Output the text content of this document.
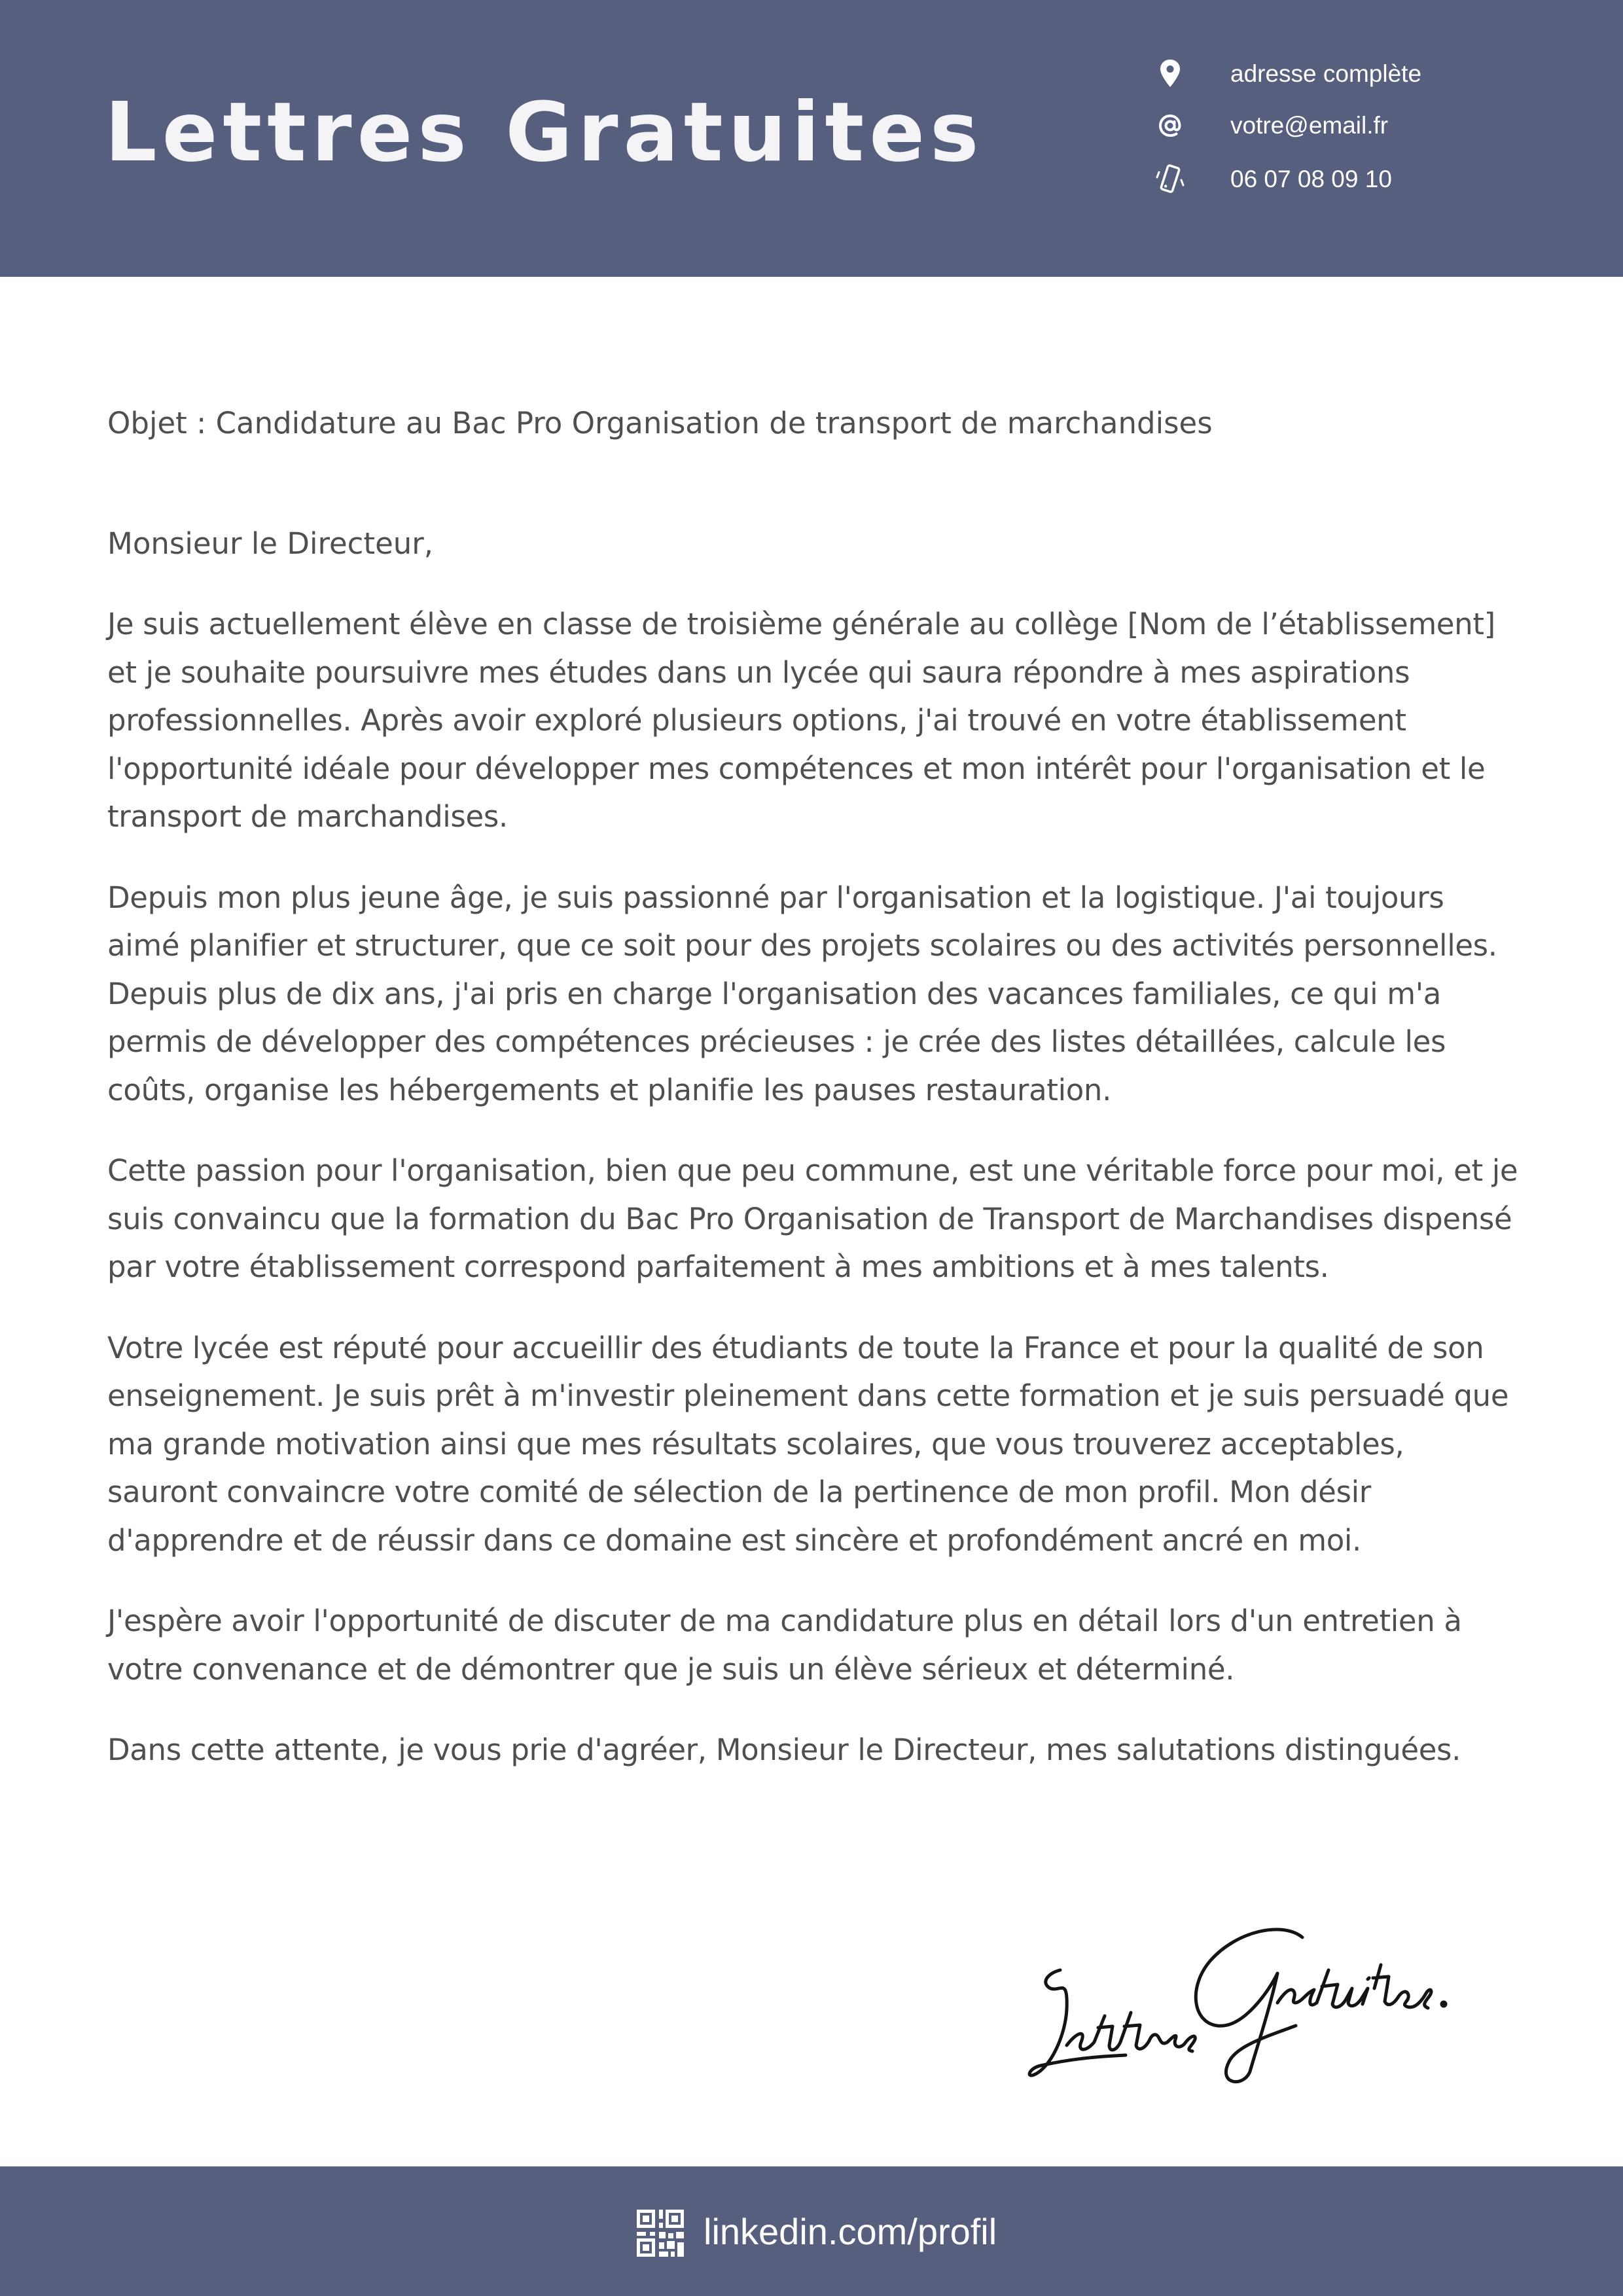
Lettres Gratuites
adresse complète
votre@email.fr
06 07 08 09 10

Objet : Candidature au Bac Pro Organisation de transport de marchandises

Monsieur le Directeur,

Je suis actuellement élève en classe de troisième générale au collège [Nom de l’établissement] et je souhaite poursuivre mes études dans un lycée qui saura répondre à mes aspirations professionnelles. Après avoir exploré plusieurs options, j'ai trouvé en votre établissement l'opportunité idéale pour développer mes compétences et mon intérêt pour l'organisation et le transport de marchandises.

Depuis mon plus jeune âge, je suis passionné par l'organisation et la logistique. J'ai toujours aimé planifier et structurer, que ce soit pour des projets scolaires ou des activités personnelles. Depuis plus de dix ans, j'ai pris en charge l'organisation des vacances familiales, ce qui m'a permis de développer des compétences précieuses : je crée des listes détaillées, calcule les coûts, organise les hébergements et planifie les pauses restauration.

Cette passion pour l'organisation, bien que peu commune, est une véritable force pour moi, et je suis convaincu que la formation du Bac Pro Organisation de Transport de Marchandises dispensé par votre établissement correspond parfaitement à mes ambitions et à mes talents.

Votre lycée est réputé pour accueillir des étudiants de toute la France et pour la qualité de son enseignement. Je suis prêt à m'investir pleinement dans cette formation et je suis persuadé que ma grande motivation ainsi que mes résultats scolaires, que vous trouverez acceptables, sauront convaincre votre comité de sélection de la pertinence de mon profil. Mon désir d'apprendre et de réussir dans ce domaine est sincère et profondément ancré en moi.

J'espère avoir l'opportunité de discuter de ma candidature plus en détail lors d'un entretien à votre convenance et de démontrer que je suis un élève sérieux et déterminé.

Dans cette attente, je vous prie d'agréer, Monsieur le Directeur, mes salutations distinguées.

linkedin.com/profil
